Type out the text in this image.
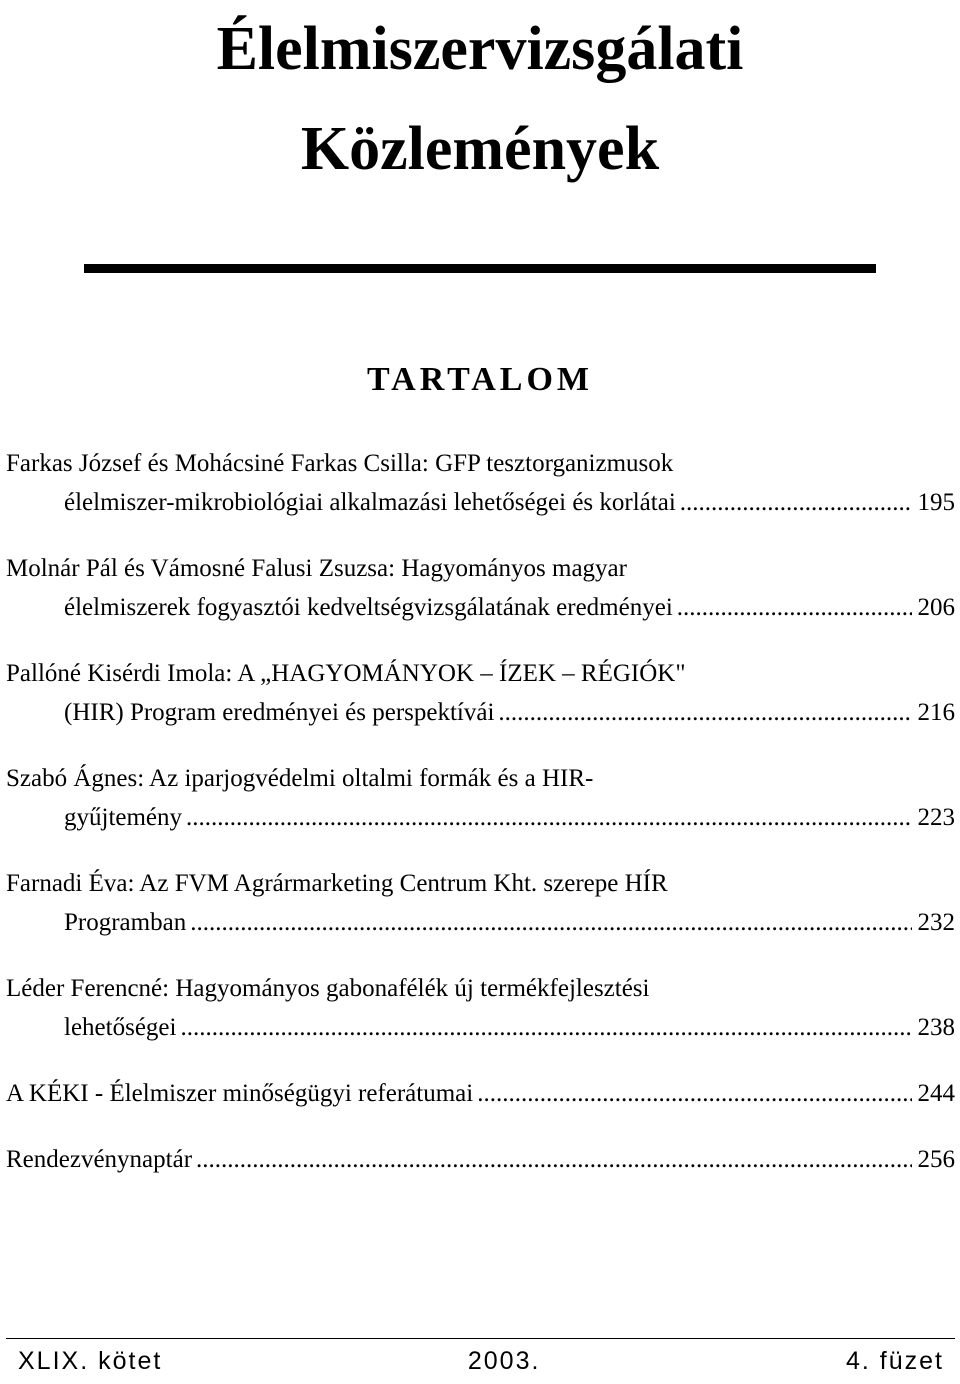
Élelmiszervizsgálati
Közlemények
TARTALOM
Farkas József és Mohácsiné Farkas Csilla: GFP tesztorganizmusok
élelmiszer-mikrobiológiai alkalmazási lehetőségei és korlátai .....	195
Molnár Pál és Vámosné Falusi Zsuzsa: Hagyományos magyar
élelmiszerek fogyasztói kedveltségvizsgálatának eredményei .....	206
Pallóné Kisérdi Imola: A „HAGYOMÁNYOK – ÍZEK – RÉGIÓK"
(HIR) Program eredményei és perspektívái .....	216
Szabó Ágnes: Az iparjogvédelmi oltalmi formák és a HIR-
gyűjtemény .....	223
Farnadi Éva: Az FVM Agrármarketing Centrum Kht. szerepe HÍR
Programban .....	232
Léder Ferencné: Hagyományos gabonafélék új termékfejlesztési
lehetőségei .....	238
A KÉKI - Élelmiszer minőségügyi referátumai .....	244
Rendezvénynaptár .....	256
XLIX. kötet	2003.	4. füzet
